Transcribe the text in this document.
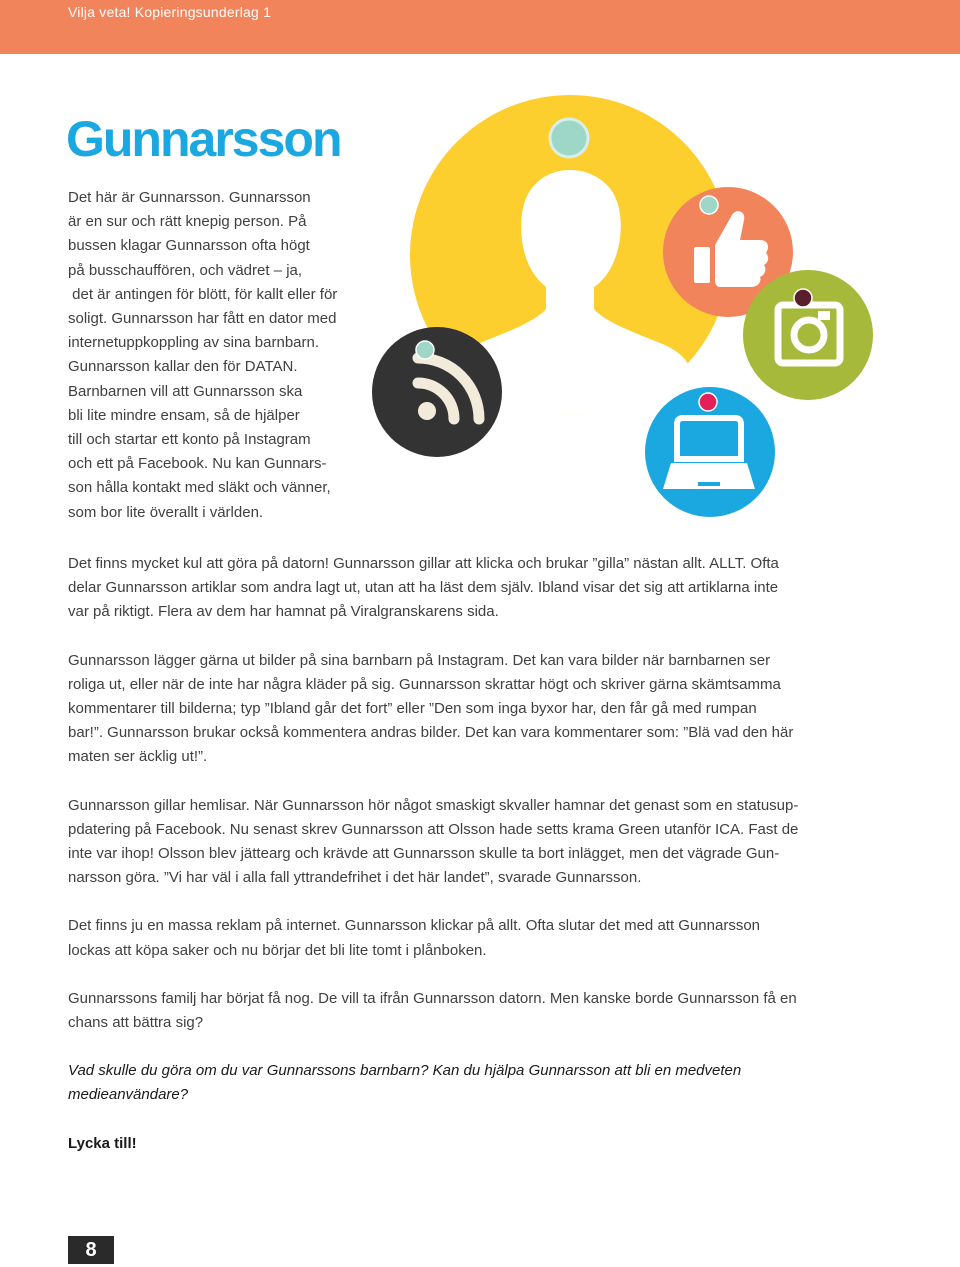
Vilja veta! Kopieringsunderlag 1
Gunnarsson
Det här är Gunnarsson. Gunnarsson
är en sur och rätt knepig person. På
bussen klagar Gunnarsson ofta högt
på busschauffören, och vädret – ja,
det är antingen för blött, för kallt eller för
soligt. Gunnarsson har fått en dator med
internetuppkoppling av sina barnbarn.
Gunnarsson kallar den för DATAN.
Barnbarnen vill att Gunnarsson ska
bli lite mindre ensam, så de hjälper
till och startar ett konto på Instagram
och ett på Facebook. Nu kan Gunnars-
son hålla kontakt med släkt och vänner,
som bor lite överallt i världen.

Det finns mycket kul att göra på datorn! Gunnarsson gillar att klicka och brukar ”gilla” nästan allt. ALLT. Ofta
delar Gunnarsson artiklar som andra lagt ut, utan att ha läst dem själv. Ibland visar det sig att artiklarna inte
var på riktigt. Flera av dem har hamnat på Viralgranskarens sida.

Gunnarsson lägger gärna ut bilder på sina barnbarn på Instagram. Det kan vara bilder när barnbarnen ser
roliga ut, eller när de inte har några kläder på sig. Gunnarsson skrattar högt och skriver gärna skämtsamma
kommentarer till bilderna; typ ”Ibland går det fort” eller ”Den som inga byxor har, den får gå med rumpan
bar!”. Gunnarsson brukar också kommentera andras bilder. Det kan vara kommentarer som: ”Blä vad den här
maten ser äcklig ut!”.

Gunnarsson gillar hemlisar. När Gunnarsson hör något smaskigt skvaller hamnar det genast som en statusup-
pdatering på Facebook. Nu senast skrev Gunnarsson att Olsson hade setts krama Green utanför ICA. Fast de
inte var ihop! Olsson blev jättearg och krävde att Gunnarsson skulle ta bort inlägget, men det vägrade Gun-
narsson göra. ”Vi har väl i alla fall yttrandefrihet i det här landet”, svarade Gunnarsson.

Det finns ju en massa reklam på internet. Gunnarsson klickar på allt. Ofta slutar det med att Gunnarsson
lockas att köpa saker och nu börjar det bli lite tomt i plånboken.

Gunnarssons familj har börjat få nog. De vill ta ifrån Gunnarsson datorn. Men kanske borde Gunnarsson få en
chans att bättra sig?

Vad skulle du göra om du var Gunnarssons barnbarn? Kan du hjälpa Gunnarsson att bli en medveten
medieanvändare?

Lycka till!

8
